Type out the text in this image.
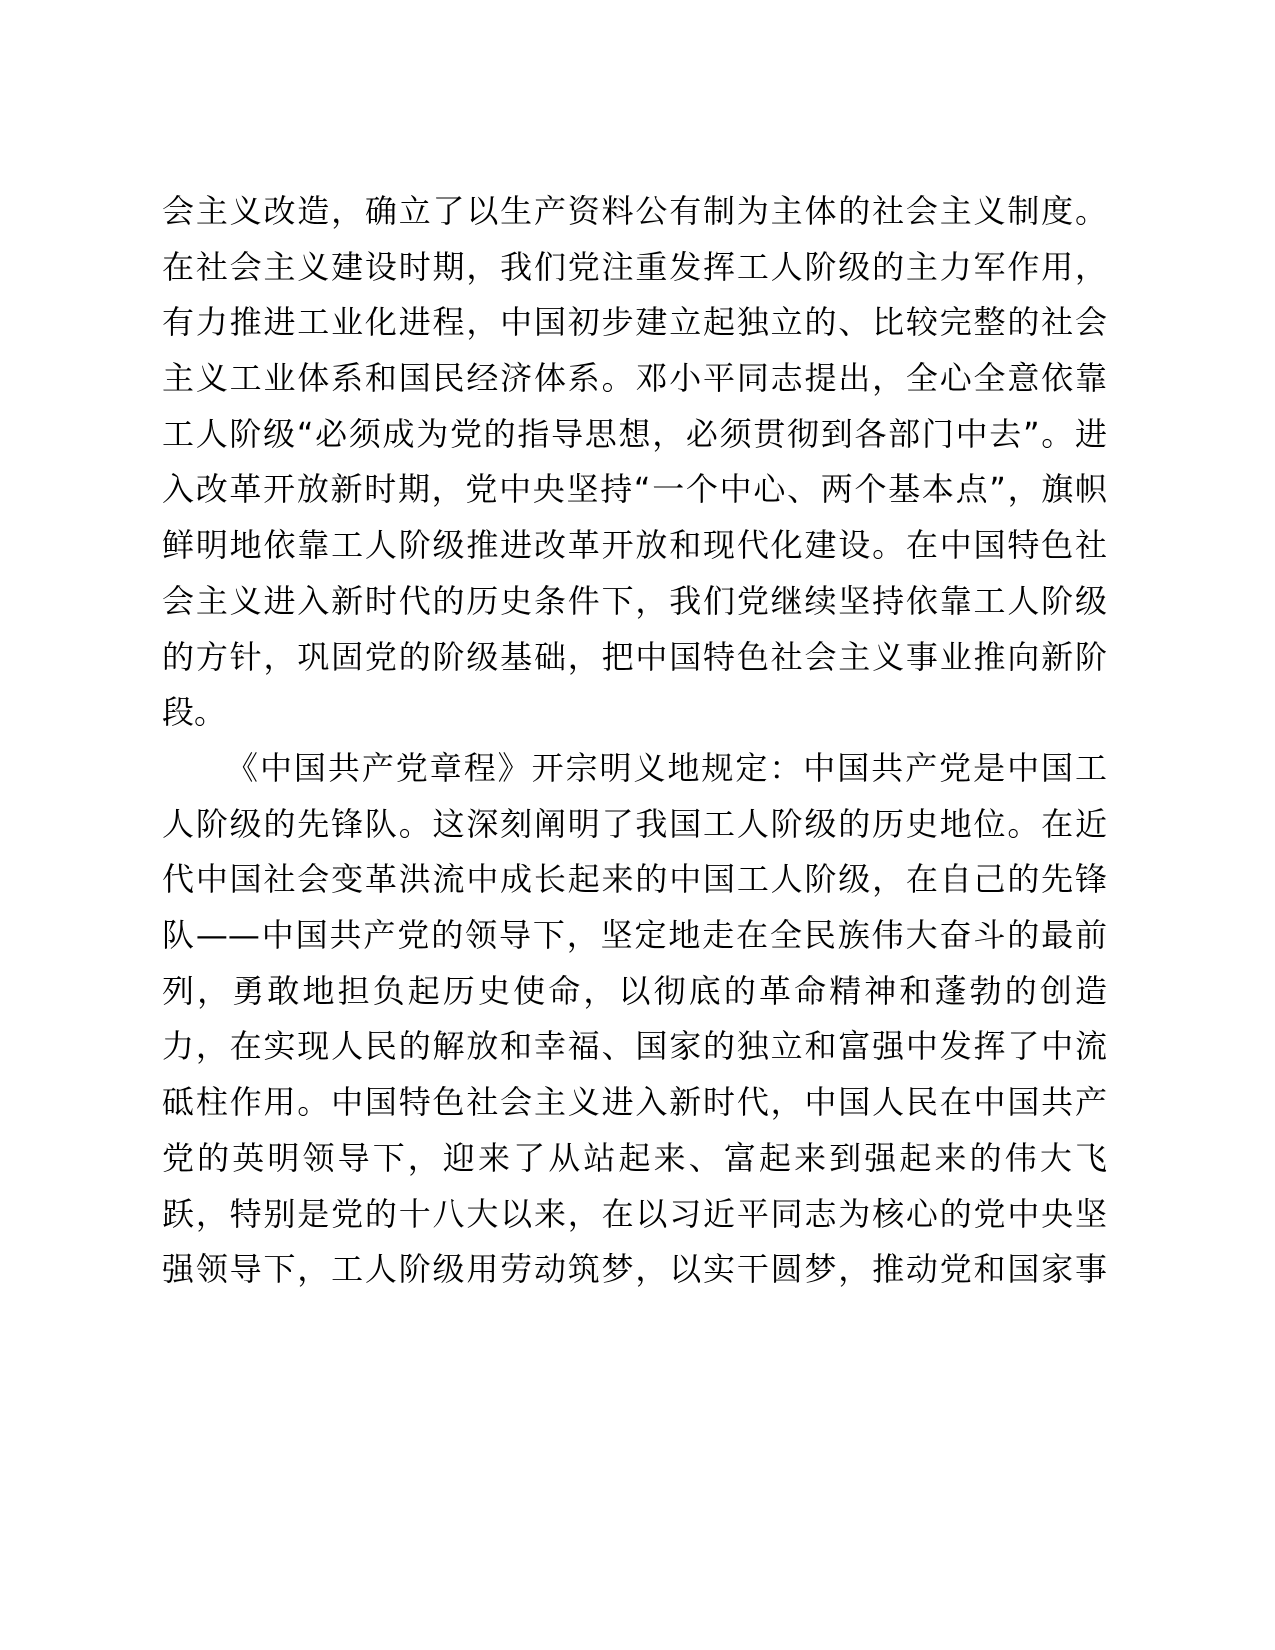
会主义改造，确立了以生产资料公有制为主体的社会主义制度。
在社会主义建设时期，我们党注重发挥工人阶级的主力军作用，
有力推进工业化进程，中国初步建立起独立的、比较完整的社会
主义工业体系和国民经济体系。邓小平同志提出，全心全意依靠
工人阶级“必须成为党的指导思想，必须贯彻到各部门中去”。进
入改革开放新时期，党中央坚持“一个中心、两个基本点”，旗帜
鲜明地依靠工人阶级推进改革开放和现代化建设。在中国特色社
会主义进入新时代的历史条件下，我们党继续坚持依靠工人阶级
的方针，巩固党的阶级基础，把中国特色社会主义事业推向新阶
段。
《中国共产党章程》开宗明义地规定：中国共产党是中国工
人阶级的先锋队。这深刻阐明了我国工人阶级的历史地位。在近
代中国社会变革洪流中成长起来的中国工人阶级，在自己的先锋
队——中国共产党的领导下，坚定地走在全民族伟大奋斗的最前
列，勇敢地担负起历史使命，以彻底的革命精神和蓬勃的创造
力，在实现人民的解放和幸福、国家的独立和富强中发挥了中流
砥柱作用。中国特色社会主义进入新时代，中国人民在中国共产
党的英明领导下，迎来了从站起来、富起来到强起来的伟大飞
跃，特别是党的十八大以来，在以习近平同志为核心的党中央坚
强领导下，工人阶级用劳动筑梦，以实干圆梦，推动党和国家事
